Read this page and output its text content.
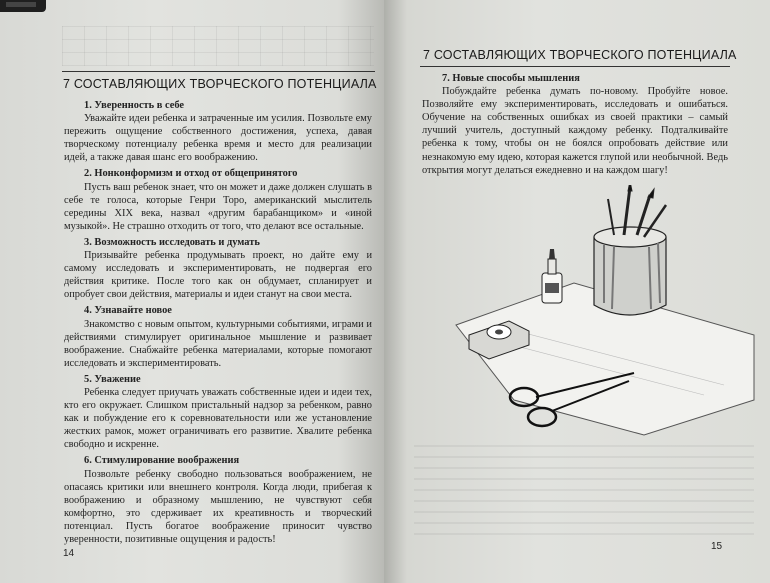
7 СОСТАВЛЯЮЩИХ ТВОРЧЕСКОГО ПОТЕНЦИАЛА
1. Уверенность в себе

Уважайте идеи ребенка и затраченные им усилия. Позвольте ему пережить ощущение собственного достижения, успеха, давая творческому потенциалу ребенка время и место для реализации идей, а также давая шанс его воображению.

2. Нонконформизм и отход от общепринятого

Пусть ваш ребенок знает, что он может и даже должен слушать в себе те голоса, которые Генри Торо, американский мыслитель середины XIX века, назвал «другим барабанщиком» и «иной музыкой». Не страшно отходить от того, что делают все остальные.

3. Возможность исследовать и думать

Призывайте ребенка продумывать проект, но дайте ему и самому исследовать и экспериментировать, не подвергая его действия критике. После того как он обдумает, спланирует и опробует свои действия, материалы и идеи станут на свои места.

4. Узнавайте новое

Знакомство с новым опытом, культурными событиями, играми и действиями стимулирует оригинальное мышление и развивает воображение. Снабжайте ребенка материалами, которые помогают исследовать и экспериментировать.

5. Уважение

Ребенка следует приучать уважать собственные идеи и идеи тех, кто его окружает. Слишком пристальный надзор за ребенком, равно как и побуждение его к соревновательности или же установление жестких рамок, может ограничивать его развитие. Хвалите ребенка свободно и искренне.

6. Стимулирование воображения

Позвольте ребенку свободно пользоваться воображением, не опасаясь критики или внешнего контроля. Когда люди, прибегая к воображению и образному мышлению, не чувствуют себя комфортно, это сдерживает их креативность и творческий потенциал. Пусть богатое воображение приносит чувство уверенности, позитивные ощущения и радость!

14
7 СОСТАВЛЯЮЩИХ ТВОРЧЕСКОГО ПОТЕНЦИАЛА
7. Новые способы мышления

Побуждайте ребенка думать по-новому. Пробуйте новое. Позволяйте ему экспериментировать, исследовать и ошибаться. Обучение на собственных ошибках из своей практики – самый лучший учитель, доступный каждому ребенку. Подталкивайте ребенка к тому, чтобы он не боялся опробовать действие или незнакомую ему идею, которая кажется глупой или необычной. Ведь открытия могут делаться ежедневно и на каждом шагу!

15
